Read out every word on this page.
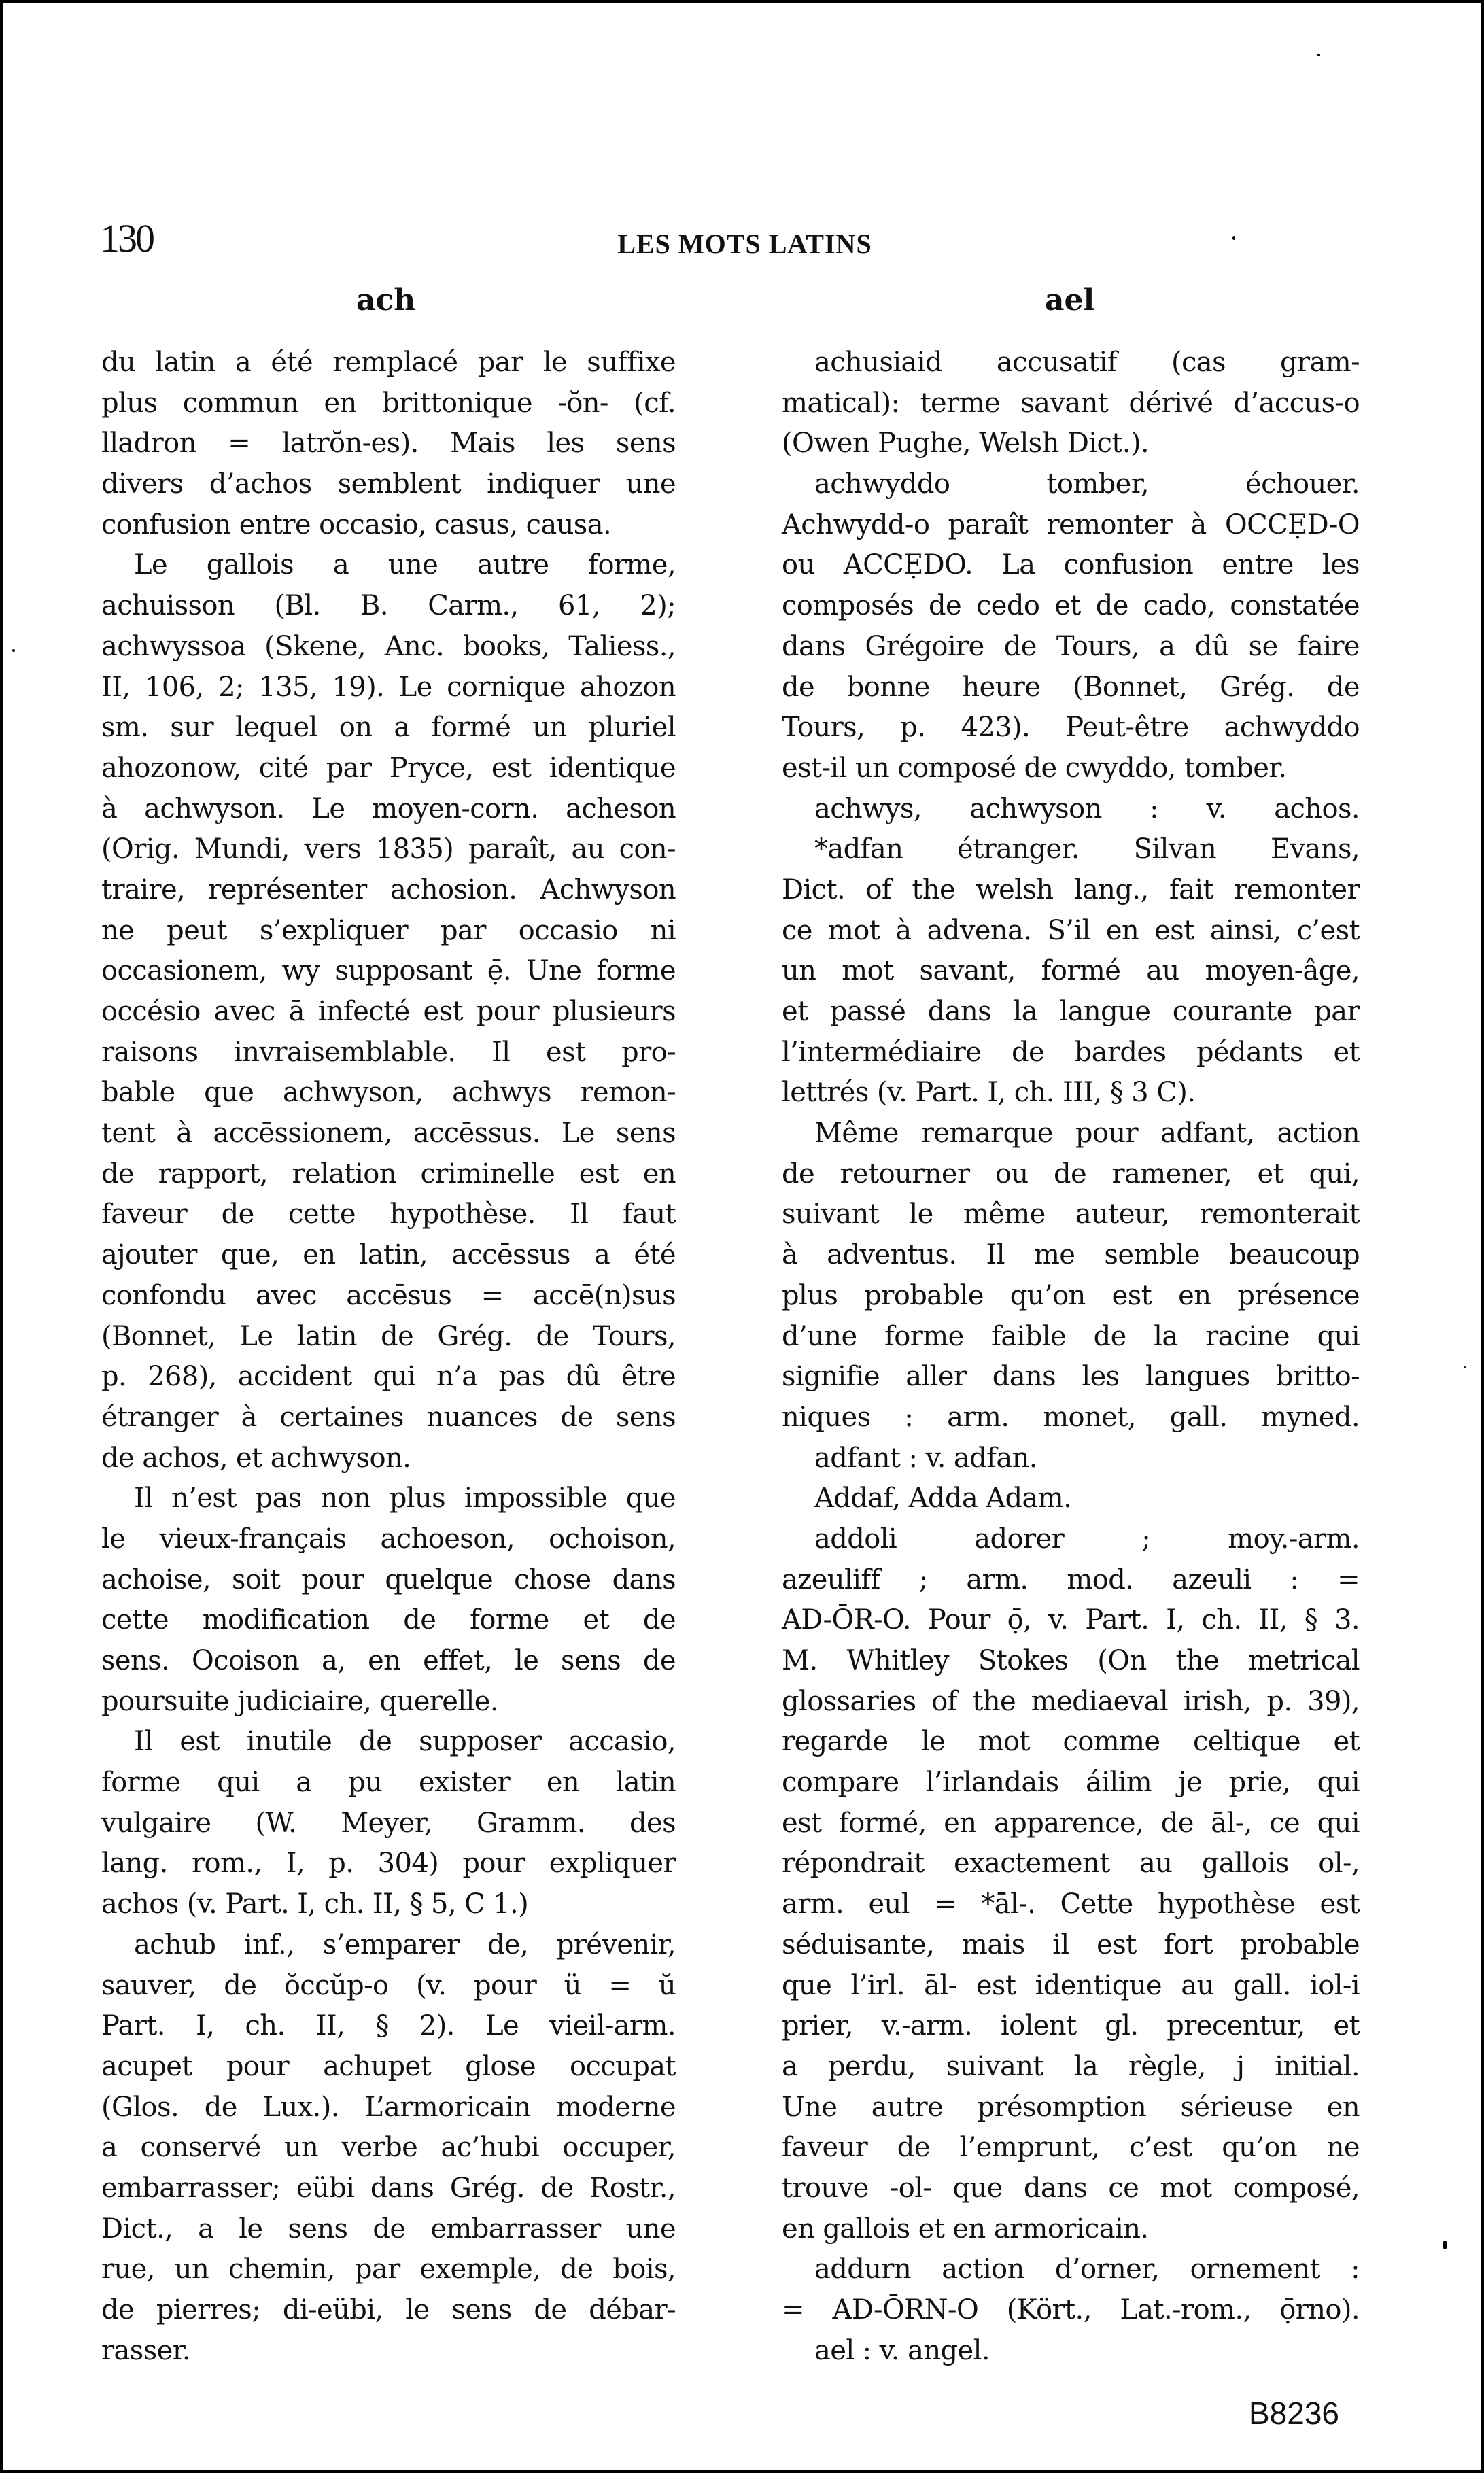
130	LES MOTS LATINS
ach	ael
du latin a été remplacé par le suffixe
plus commun en brittonique -ŏn- (cf.
lladron = latrŏn-es). Mais les sens
divers d’achos semblent indiquer une
confusion entre occasio, casus, causa.
Le gallois a une autre forme,
achuisson (Bl. B. Carm., 61, 2);
achwyssoa (Skene, Anc. books, Taliess.,
II, 106, 2; 135, 19). Le cornique ahozon
sm. sur lequel on a formé un pluriel
ahozonow, cité par Pryce, est identique
à achwyson. Le moyen-corn. acheson
(Orig. Mundi, vers 1835) paraît, au con-
traire, représenter achosion. Achwyson
ne peut s’expliquer par occasio ni
occasionem, wy supposant ẹ̄. Une forme
occésio avec ā infecté est pour plusieurs
raisons invraisemblable. Il est pro-
bable que achwyson, achwys remon-
tent à accēssionem, accēssus. Le sens
de rapport, relation criminelle est en
faveur de cette hypothèse. Il faut
ajouter que, en latin, accēssus a été
confondu avec accēsus = accē(n)sus
(Bonnet, Le latin de Grég. de Tours,
p. 268), accident qui n’a pas dû être
étranger à certaines nuances de sens
de achos, et achwyson.
Il n’est pas non plus impossible que
le vieux-français achoeson, ochoison,
achoise, soit pour quelque chose dans
cette modification de forme et de
sens. Ocoison a, en effet, le sens de
poursuite judiciaire, querelle.
Il est inutile de supposer accasio,
forme qui a pu exister en latin
vulgaire (W. Meyer, Gramm. des
lang. rom., I, p. 304) pour expliquer
achos (v. Part. I, ch. II, § 5, C 1.)
achub inf., s’emparer de, prévenir,
sauver, de ŏccŭp-o (v. pour ü = ŭ
Part. I, ch. II, § 2). Le vieil-arm.
acupet pour achupet glose occupat
(Glos. de Lux.). L’armoricain moderne
a conservé un verbe ac’hubi occuper,
embarrasser; eübi dans Grég. de Rostr.,
Dict., a le sens de embarrasser une
rue, un chemin, par exemple, de bois,
de pierres; di-eübi, le sens de débar-
rasser.
achusiaid accusatif (cas gram-
matical): terme savant dérivé d’accus-o
(Owen Pughe, Welsh Dict.).
achwyddo tomber, échouer.
Achwydd-o paraît remonter à OCCẸD-O
ou ACCẸDO. La confusion entre les
composés de cedo et de cado, constatée
dans Grégoire de Tours, a dû se faire
de bonne heure (Bonnet, Grég. de
Tours, p. 423). Peut-être achwyddo
est-il un composé de cwyddo, tomber.
achwys, achwyson : v. achos.
*adfan étranger. Silvan Evans,
Dict. of the welsh lang., fait remonter
ce mot à advena. S’il en est ainsi, c’est
un mot savant, formé au moyen-âge,
et passé dans la langue courante par
l’intermédiaire de bardes pédants et
lettrés (v. Part. I, ch. III, § 3 C).
Même remarque pour adfant, action
de retourner ou de ramener, et qui,
suivant le même auteur, remonterait
à adventus. Il me semble beaucoup
plus probable qu’on est en présence
d’une forme faible de la racine qui
signifie aller dans les langues britto-
niques : arm. monet, gall. myned.
adfant : v. adfan.
Addaf, Adda Adam.
addoli adorer ; moy.-arm.
azeuliff ; arm. mod. azeuli : =
AD-ŌR-O. Pour ọ̄, v. Part. I, ch. II, § 3.
M. Whitley Stokes (On the metrical
glossaries of the mediaeval irish, p. 39),
regarde le mot comme celtique et
compare l’irlandais áilim je prie, qui
est formé, en apparence, de āl-, ce qui
répondrait exactement au gallois ol-,
arm. eul = *āl-. Cette hypothèse est
séduisante, mais il est fort probable
que l’irl. āl- est identique au gall. iol-i
prier, v.-arm. iolent gl. precentur, et
a perdu, suivant la règle, j initial.
Une autre présomption sérieuse en
faveur de l’emprunt, c’est qu’on ne
trouve -ol- que dans ce mot composé,
en gallois et en armoricain.
addurn action d’orner, ornement :
= AD-ŌRN-O (Kört., Lat.-rom., ọ̄rno).
ael : v. angel.
B8236
